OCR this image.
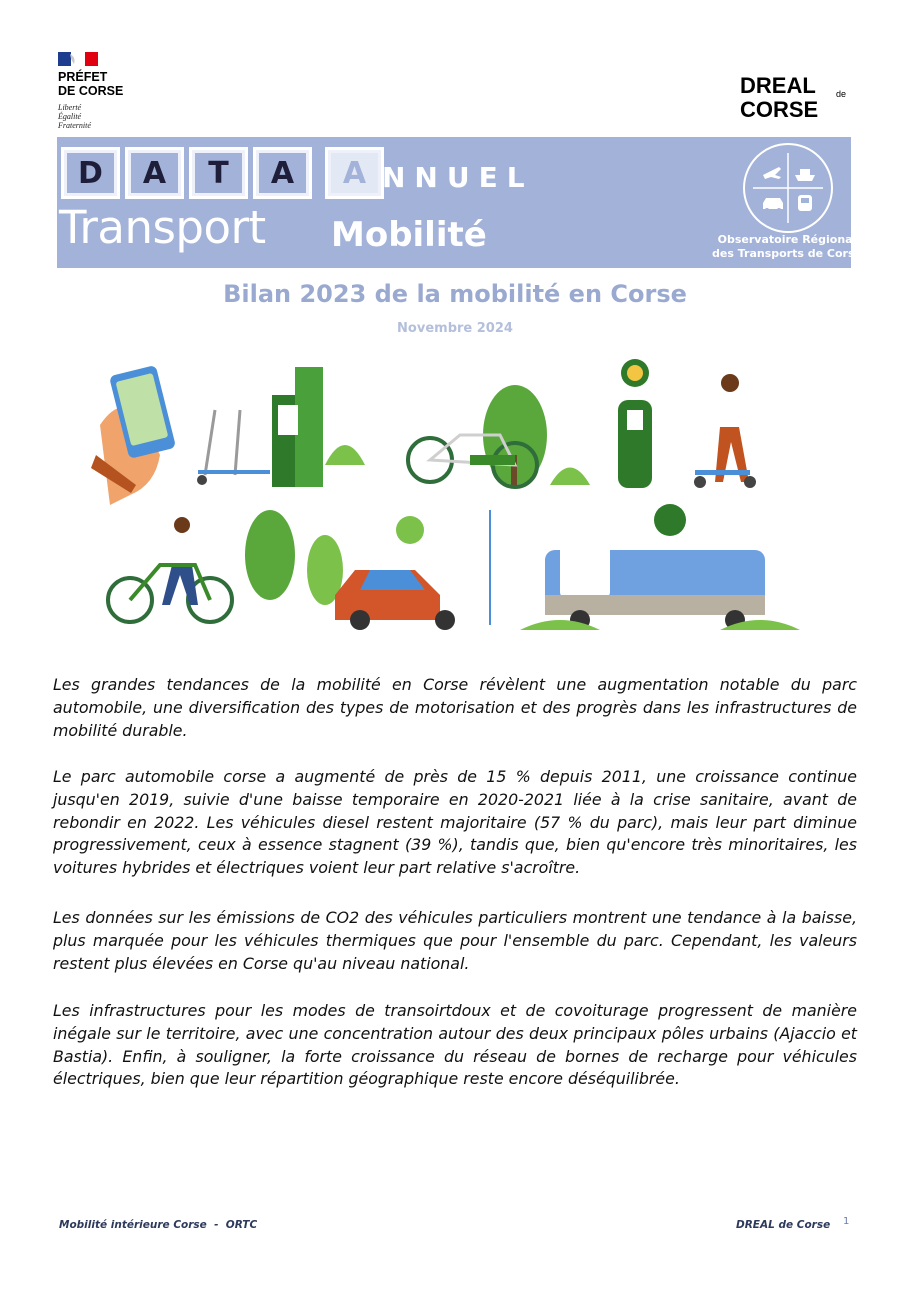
PRÉFET
DE CORSE
Liberté
Égalité
Fraternité
DREAL
CORSE
de
D	A	T	A	A NNUEL
Transport Mobilité	Observatoire Régional
des Transports de Corse
Bilan 2023 de la mobilité en Corse
Novembre 2024

Les grandes tendances de la mobilité en Corse révèlent une augmentation notable du parc automobile, une diversification des types de motorisation et des progrès dans les infrastructures de mobilité durable.

Le parc automobile corse a augmenté de près de 15 % depuis 2011, une croissance continue jusqu'en 2019, suivie d'une baisse temporaire en 2020-2021 liée à la crise sanitaire, avant de rebondir en 2022. Les véhicules diesel restent majoritaire (57 % du parc), mais leur part diminue progressivement, ceux à essence stagnent (39 %), tandis que, bien qu'encore très minoritaires, les voitures hybrides et électriques voient leur part relative s'acroître.

Les données sur les émissions de CO2 des véhicules particuliers montrent une tendance à la baisse, plus marquée pour les véhicules thermiques que pour l'ensemble du parc. Cependant, les valeurs restent plus élevées en Corse qu'au niveau national.

Les infrastructures pour les modes de transoirtdoux et de covoiturage progressent de manière inégale sur le territoire, avec une concentration autour des deux principaux pôles urbains (Ajaccio et Bastia). Enfin, à souligner, la forte croissance du réseau de bornes de recharge pour véhicules électriques, bien que leur répartition géographique reste encore déséquilibrée.

Mobilité intérieure Corse  -  ORTC	DREAL de Corse 1
